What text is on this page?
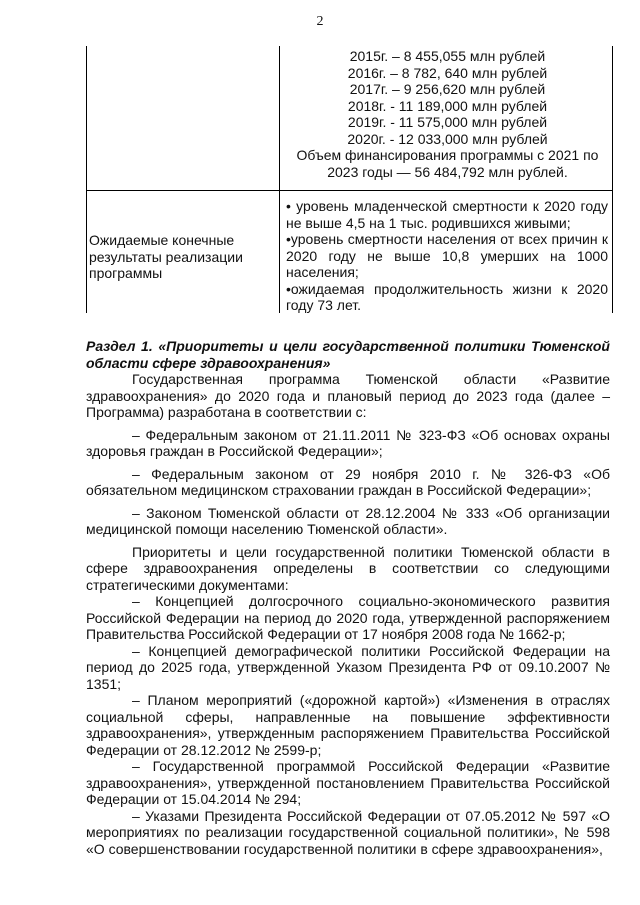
2
2015г. – 8 455,055 млн рублей
2016г. – 8 782, 640 млн рублей
2017г. – 9 256,620 млн рублей
2018г. - 11 189,000 млн рублей
2019г. - 11 575,000 млн рублей
2020г. - 12 033,000 млн рублей
Объем финансирования программы с 2021 по
2023 годы — 56 484,792 млн рублей.
Ожидаемые конечные результаты реализации программы

• уровень младенческой смертности к 2020 году не выше 4,5 на 1 тыс. родившихся живыми;

•уровень смертности населения от всех причин к 2020 году не выше 10,8 умерших на 1000 населения;

•ожидаемая продолжительность жизни к 2020 году 73 лет.

Раздел 1. «Приоритеты и цели государственной политики Тюменской области сфере здравоохранения»

Государственная программа Тюменской области «Развитие здравоохранения» до 2020 года и плановый период до 2023 года (далее – Программа) разработана в соответствии с:

– Федеральным законом от 21.11.2011 № 323-ФЗ «Об основах охраны здоровья граждан в Российской Федерации»;

– Федеральным законом от 29 ноября 2010 г. № 326-ФЗ «Об обязательном медицинском страховании граждан в Российской Федерации»;

– Законом Тюменской области от 28.12.2004 № 333 «Об организации медицинской помощи населению Тюменской области».

Приоритеты и цели государственной политики Тюменской области в сфере здравоохранения определены в соответствии со следующими стратегическими документами:

– Концепцией долгосрочного социально-экономического развития Российской Федерации на период до 2020 года, утвержденной распоряжением Правительства Российской Федерации от 17 ноября 2008 года № 1662-р;

– Концепцией демографической политики Российской Федерации на период до 2025 года, утвержденной Указом Президента РФ от 09.10.2007 № 1351;

– Планом мероприятий («дорожной картой») «Изменения в отраслях социальной сферы, направленные на повышение эффективности здравоохранения», утвержденным распоряжением Правительства Российской Федерации от 28.12.2012 № 2599-р;

– Государственной программой Российской Федерации «Развитие здравоохранения», утвержденной постановлением Правительства Российской Федерации от 15.04.2014 № 294;

– Указами Президента Российской Федерации от 07.05.2012 № 597 «О мероприятиях по реализации государственной социальной политики», № 598 «О совершенствовании государственной политики в сфере здравоохранения»,
